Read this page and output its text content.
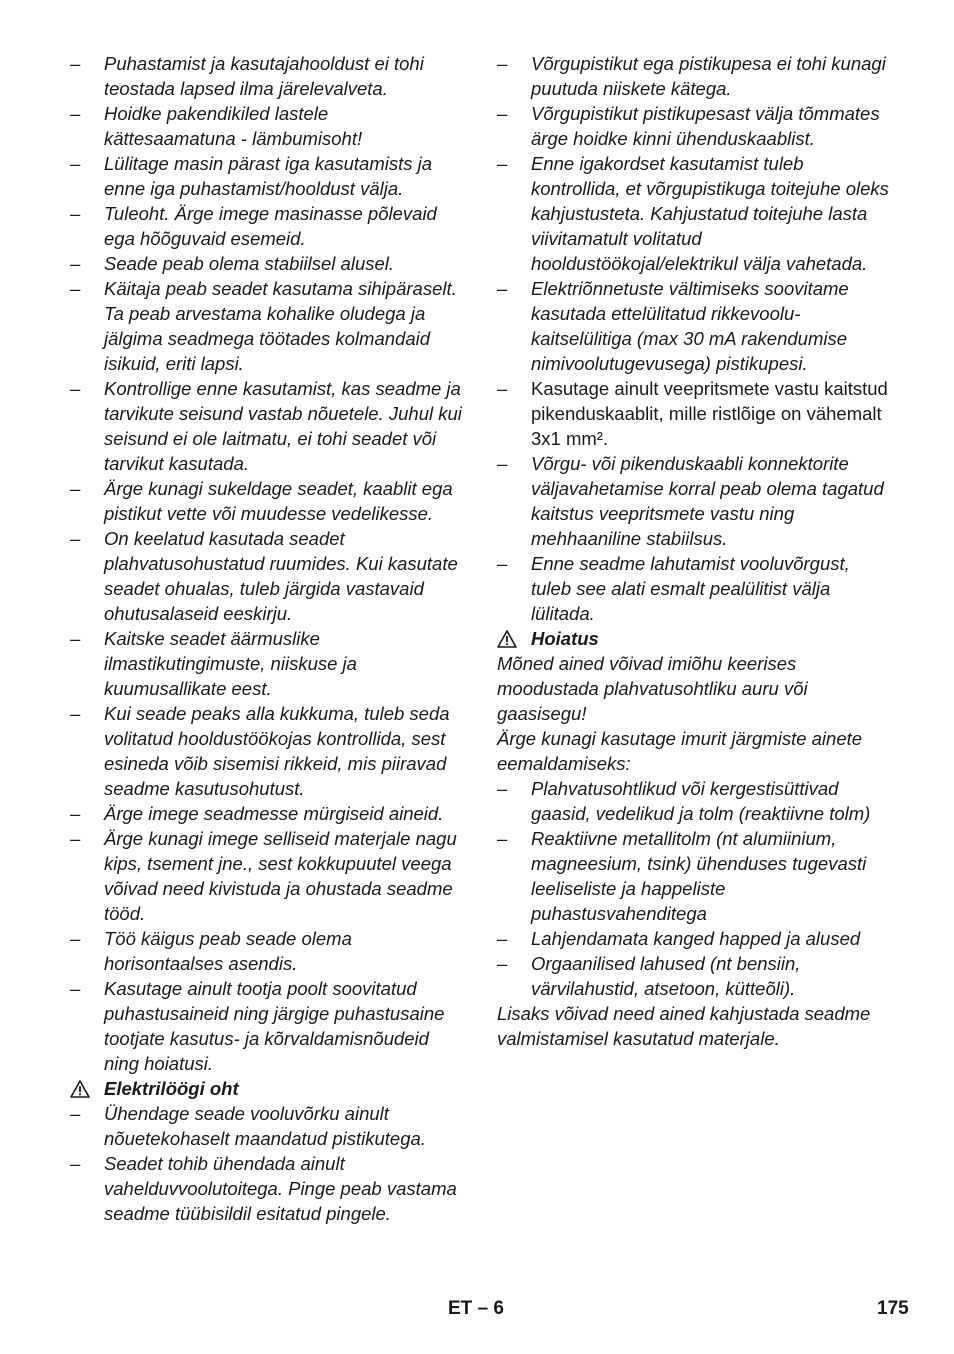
– Puhastamist ja kasutajahooldust ei tohi teostada lapsed ilma järelevalveta.
– Hoidke pakendikiled lastele kättesaamatuna - lämbumisoht!
– Lülitage masin pärast iga kasutamists ja enne iga puhastamist/hooldust välja.
– Tuleoht. Ärge imege masinasse põlevaid ega hõõguvaid esemeid.
– Seade peab olema stabiilsel alusel.
– Käitaja peab seadet kasutama sihipäraselt. Ta peab arvestama kohalike oludega ja jälgima seadmega töötades kolmandaid isikuid, eriti lapsi.
– Kontrollige enne kasutamist, kas seadme ja tarvikute seisund vastab nõuetele. Juhul kui seisund ei ole laitmatu, ei tohi seadet või tarvikut kasutada.
– Ärge kunagi sukeldage seadet, kaablit ega pistikut vette või muudesse vedelikesse.
– On keelatud kasutada seadet plahvatusohustatud ruumides. Kui kasutate seadet ohualas, tuleb järgida vastavaid ohutusalaseid eeskirju.
– Kaitske seadet äärmuslike ilmastikutingimuste, niiskuse ja kuumusallikate eest.
– Kui seade peaks alla kukkuma, tuleb seda volitatud hooldustöökojas kontrollida, sest esineda võib sisemisi rikkeid, mis piiravad seadme kasutusohutust.
– Ärge imege seadmesse mürgiseid aineid.
– Ärge kunagi imege selliseid materjale nagu kips, tsement jne., sest kokkupuutel veega võivad need kivistuda ja ohustada seadme tööd.
– Töö käigus peab seade olema horisontaalses asendis.
– Kasutage ainult tootja poolt soovitatud puhastusaineid ning järgige puhastusaine tootjate kasutus- ja kõrvaldamisnõudeid ning hoiatusi.
Elektrilöögi oht
– Ühendage seade vooluvõrku ainult nõuetekohaselt maandatud pistikutega.
– Seadet tohib ühendada ainult vahelduvvoolutoitega. Pinge peab vastama seadme tüübisildil esitatud pingele.
– Võrgupistikut ega pistikupesa ei tohi kunagi puutuda niiskete kätega.
– Võrgupistikut pistikupesast välja tõmmates ärge hoidke kinni ühenduskaablist.
– Enne igakordset kasutamist tuleb kontrollida, et võrgupistikuga toitejuhe oleks kahjustusteta. Kahjustatud toitejuhe lasta viivitamatult volitatud hooldustöökojal/elektrikul välja vahetada.
– Elektriõnnetuste vältimiseks soovitame kasutada ettelülitatud rikkevoolu-kaitselülitiga (max 30 mA rakendumise nimivoolutugevusega) pistikupesi.
– Kasutage ainult veepritsmete vastu kaitstud pikenduskaablit, mille ristlõige on vähemalt 3x1 mm².
– Võrgu- või pikenduskaabli konnektorite väljavahetamise korral peab olema tagatud kaitstus veepritsmete vastu ning mehhaaniline stabiilsus.
– Enne seadme lahutamist vooluvõrgust, tuleb see alati esmalt pealülitist välja lülitada.
Hoiatus

Mõned ained võivad imiõhu keerises moodustada plahvatusohtliku auru või gaasisegu!

Ärge kunagi kasutage imurit järgmiste ainete eemaldamiseks:

– Plahvatusohtlikud või kergestisüttivad gaasid, vedelikud ja tolm (reaktiivne tolm)
– Reaktiivne metallitolm (nt alumiinium, magneesium, tsink) ühenduses tugevasti leeliseliste ja happeliste puhastusvahenditega
– Lahjendamata kanged happed ja alused
– Orgaanilised lahused (nt bensiin, värvilahustid, atsetoon, kütteõli).

Lisaks võivad need ained kahjustada seadme valmistamisel kasutatud materjale.

ET – 6	175
